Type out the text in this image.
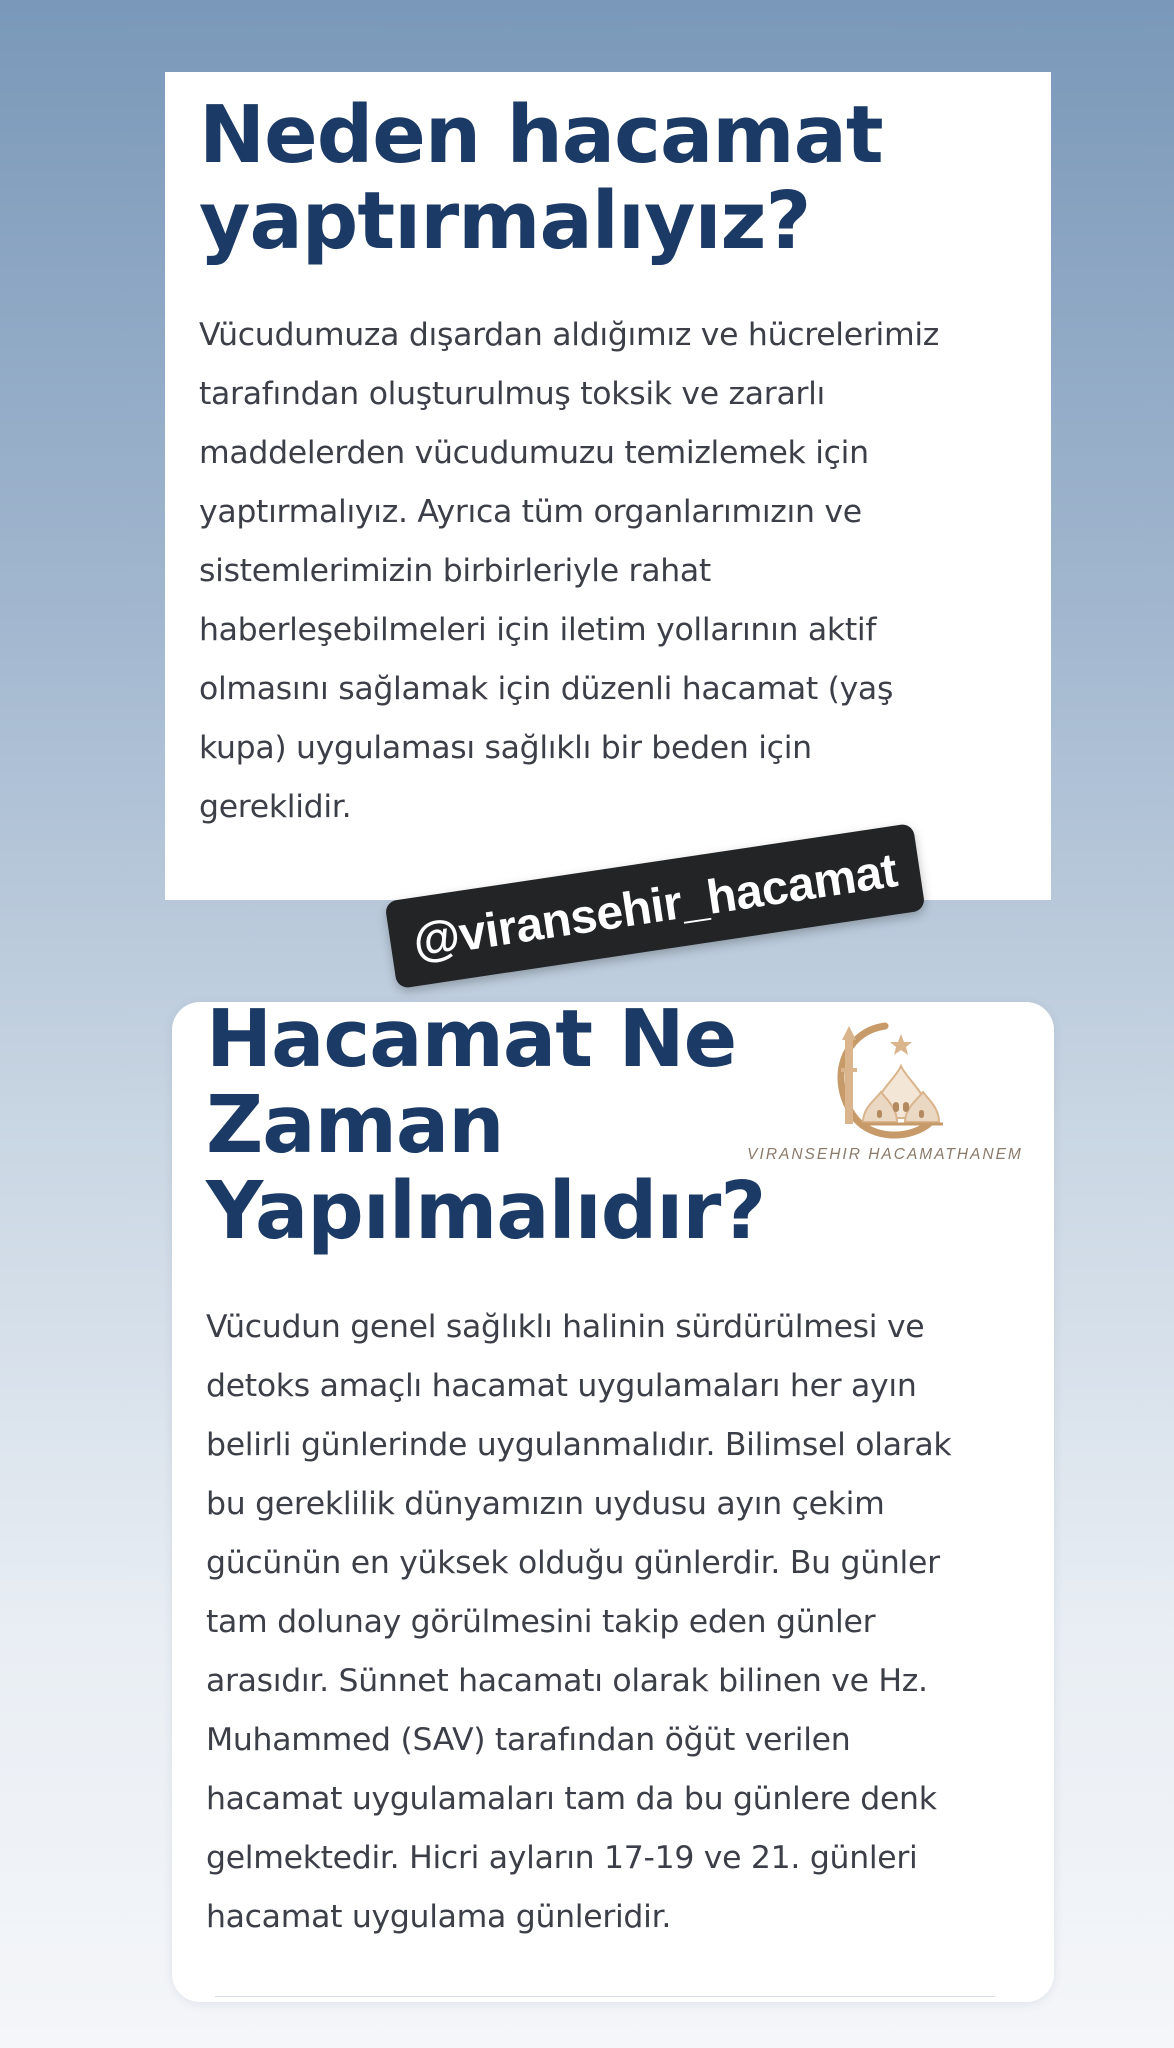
Neden hacamat
yaptırmalıyız?

Vücudumuza dışardan aldığımız ve hücrelerimiz
tarafından oluşturulmuş toksik ve zararlı
maddelerden vücudumuzu temizlemek için
yaptırmalıyız. Ayrıca tüm organlarımızın ve
sistemlerimizin birbirleriyle rahat
haberleşebilmeleri için iletim yollarının aktif
olmasını sağlamak için düzenli hacamat (yaş
kupa) uygulaması sağlıklı bir beden için
gereklidir.

Hacamat Ne
Zaman
Yapılmalıdır?

Vücudun genel sağlıklı halinin sürdürülmesi ve
detoks amaçlı hacamat uygulamaları her ayın
belirli günlerinde uygulanmalıdır. Bilimsel olarak
bu gereklilik dünyamızın uydusu ayın çekim
gücünün en yüksek olduğu günlerdir. Bu günler
tam dolunay görülmesini takip eden günler
arasıdır. Sünnet hacamatı olarak bilinen ve Hz.
Muhammed (SAV) tarafından öğüt verilen
hacamat uygulamaları tam da bu günlere denk
gelmektedir. Hicri ayların 17-19 ve 21. günleri
hacamat uygulama günleridir.

VIRANSEHIR HACAMATHANEM
@viransehir_hacamat
